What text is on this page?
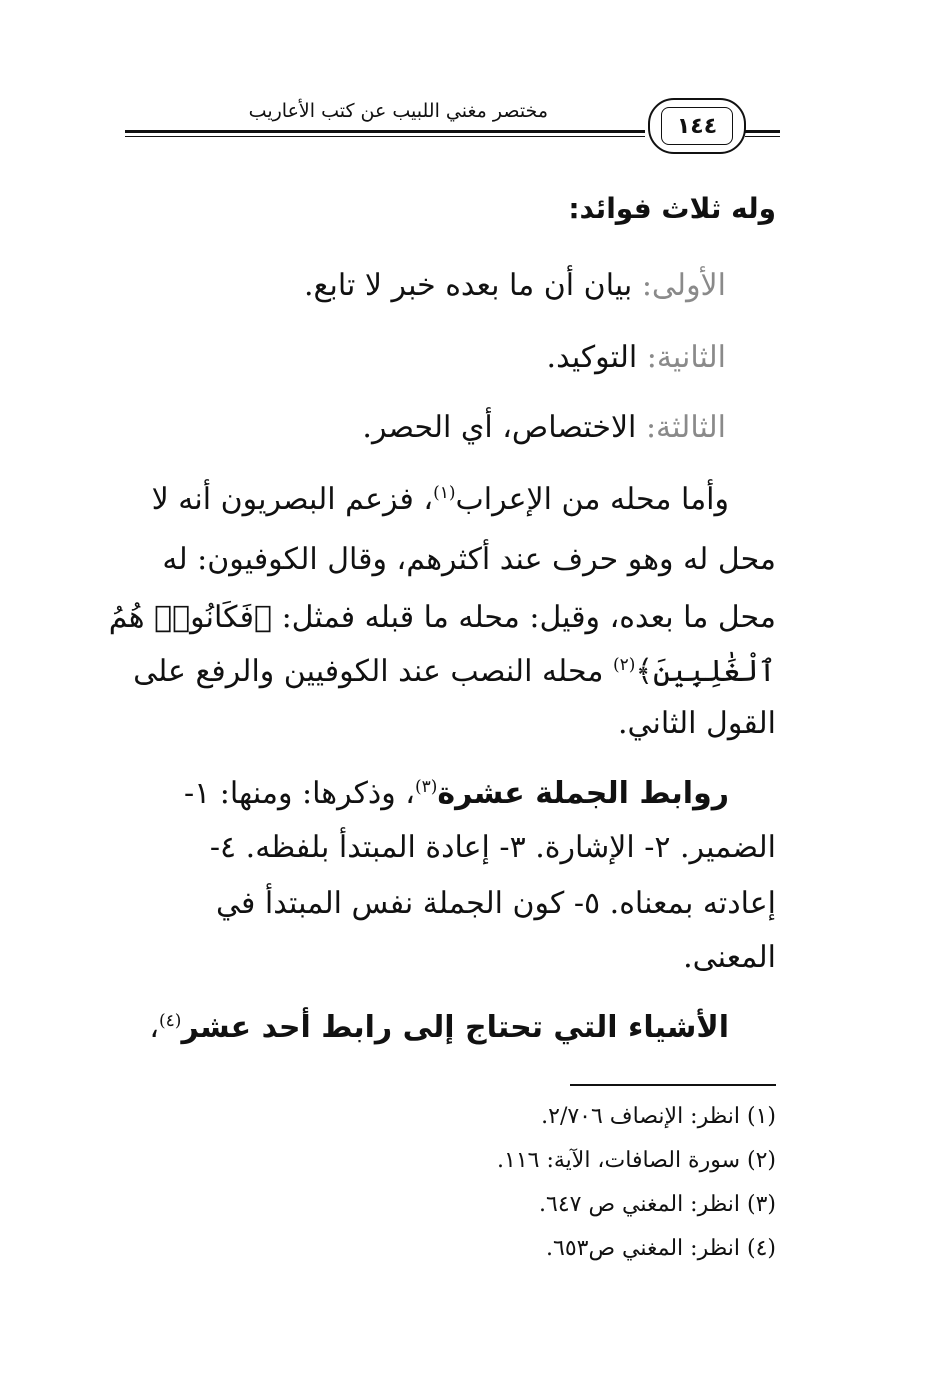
مختصر مغني اللبيب عن كتب الأعاريب
١٤٤
وله ثلاث فوائد:
الأولى: بيان أن ما بعده خبر لا تابع.
الثانية: التوكيد.
الثالثة: الاختصاص، أي الحصر.
وأما محله من الإعراب$^{(١)}$، فزعم البصريون أنه لا
محل له وهو حرف عند أكثرهم، وقال الكوفيون: له
محل ما بعده، وقيل: محله ما قبله فمثل: ﴿فَكَانُوا۟ هُمُ
ٱلْغَٰلِبِينَ﴾$^{(٢)}$ محله النصب عند الكوفيين والرفع على
القول الثاني.
روابط الجملة عشرة$^{(٣)}$، وذكرها: ومنها: ١-
الضمير. ٢- الإشارة. ٣- إعادة المبتدأ بلفظه. ٤-
إعادته بمعناه. ٥- كون الجملة نفس المبتدأ في
المعنى.
الأشياء التي تحتاج إلى رابط أحد عشر$^{(٤)}$،
(١) انظر: الإنصاف ٢/٧٠٦.
(٢) سورة الصافات، الآية: ١١٦.
(٣) انظر: المغني ص ٦٤٧.
(٤) انظر: المغني ص٦٥٣.
